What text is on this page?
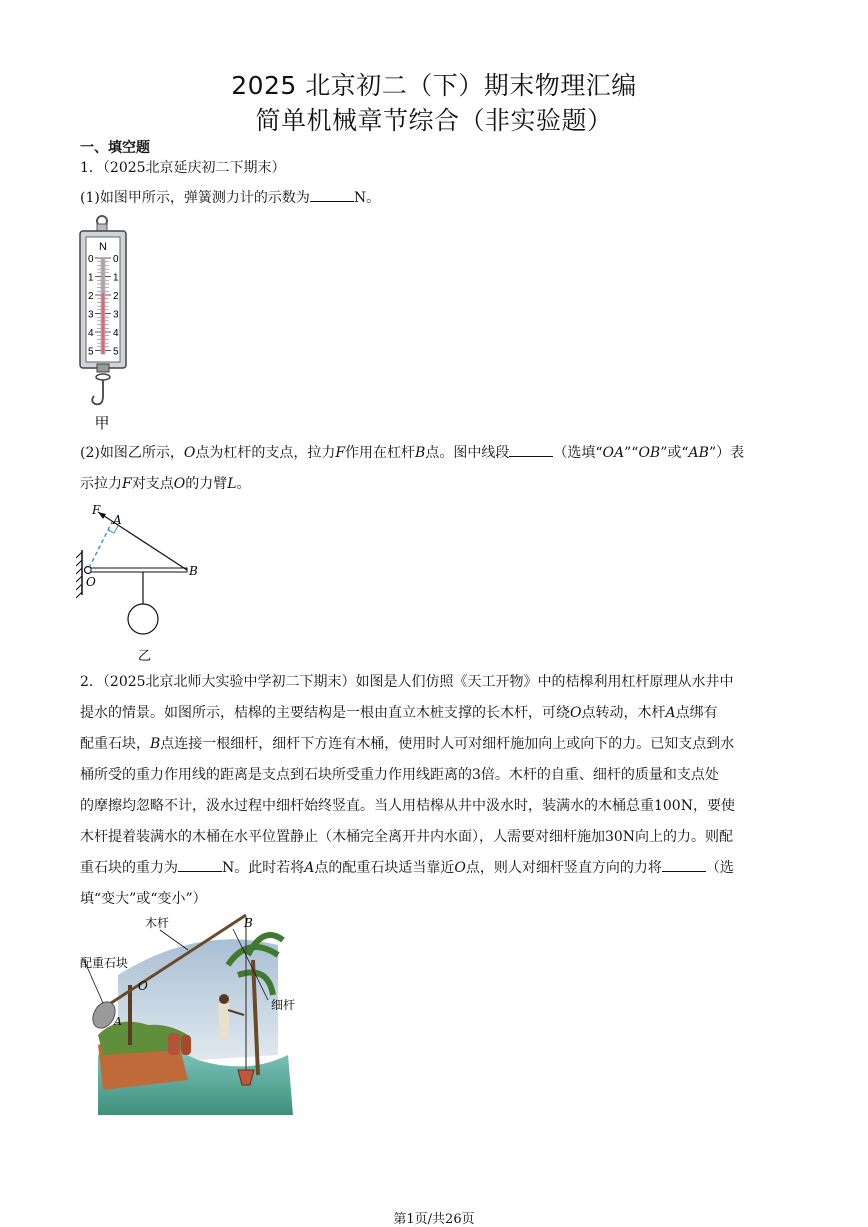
2025 北京初二（下）期末物理汇编
简单机械章节综合（非实验题）
一、填空题
1．（2025北京延庆初二下期末）
(1)如图甲所示，弹簧测力计的示数为	N。
N
0 0
1 1
2 2
3 3
4 4
5 5
甲
(2)如图乙所示，O点为杠杆的支点，拉力F作用在杠杆B点。图中线段	（选填“OA”“OB”或“AB”）表
示拉力F对支点O的力臂L。
F
A
B
O
乙
2．（2025北京北师大实验中学初二下期末）如图是人们仿照《天工开物》中的桔槔利用杠杆原理从水井中
提水的情景。如图所示，桔槔的主要结构是一根由直立木桩支撑的长木杆，可绕O点转动，木杆A点绑有
配重石块，B点连接一根细杆，细杆下方连有木桶，使用时人可对细杆施加向上或向下的力。已知支点到水
桶所受的重力作用线的距离是支点到石块所受重力作用线距离的3倍。木杆的自重、细杆的质量和支点处
的摩擦均忽略不计，汲水过程中细杆始终竖直。当人用桔槔从井中汲水时，装满水的木桶总重100N，要使
木杆提着装满水的木桶在水平位置静止（木桶完全离开井内水面），人需要对细杆施加30N向上的力。则配
重石块的重力为	N。此时若将A点的配重石块适当靠近O点，则人对细杆竖直方向的力将	（选
填“变大”或“变小”）
木杆
配重石块
细杆
B
O
A
第1页/共26页
